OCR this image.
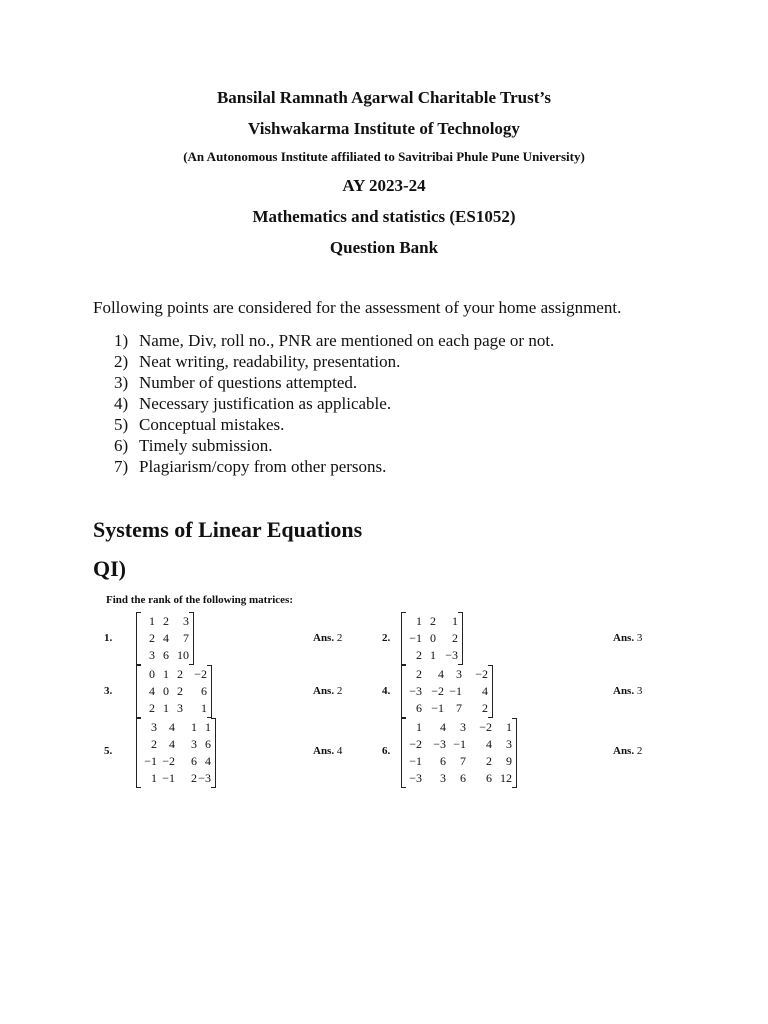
Bansilal Ramnath Agarwal Charitable Trust’s
Vishwakarma Institute of Technology
(An Autonomous Institute affiliated to Savitribai Phule Pune University)
AY 2023-24
Mathematics and statistics (ES1052)
Question Bank
Following points are considered for the assessment of your home assignment.
1) Name, Div, roll no., PNR are mentioned on each page or not.
2) Neat writing, readability, presentation.
3) Number of questions attempted.
4) Necessary justification as applicable.
5) Conceptual mistakes.
6) Timely submission.
7) Plagiarism/copy from other persons.
Systems of Linear Equations
QI)
Find the rank of the following matrices:
1.
1	2	3
2	4	7
3	6	10
Ans. 2	2.
1	2	1
−1	0	2
2	1	−3
Ans. 3
3.
0	1	2	−2
4	0	2	6
2	1	3	1
Ans. 2	4.
2	4	3	−2
−3	−2	−1	4
6	−1	7	2
Ans. 3
5.
3	4	1	1
2	4	3	6
−1	−2	6	4
1	−1	2	−3
Ans. 4	6.
1	4	3	−2	1
−2	−3	−1	4	3
−1	6	7	2	9
−3	3	6	6	12
Ans. 2
